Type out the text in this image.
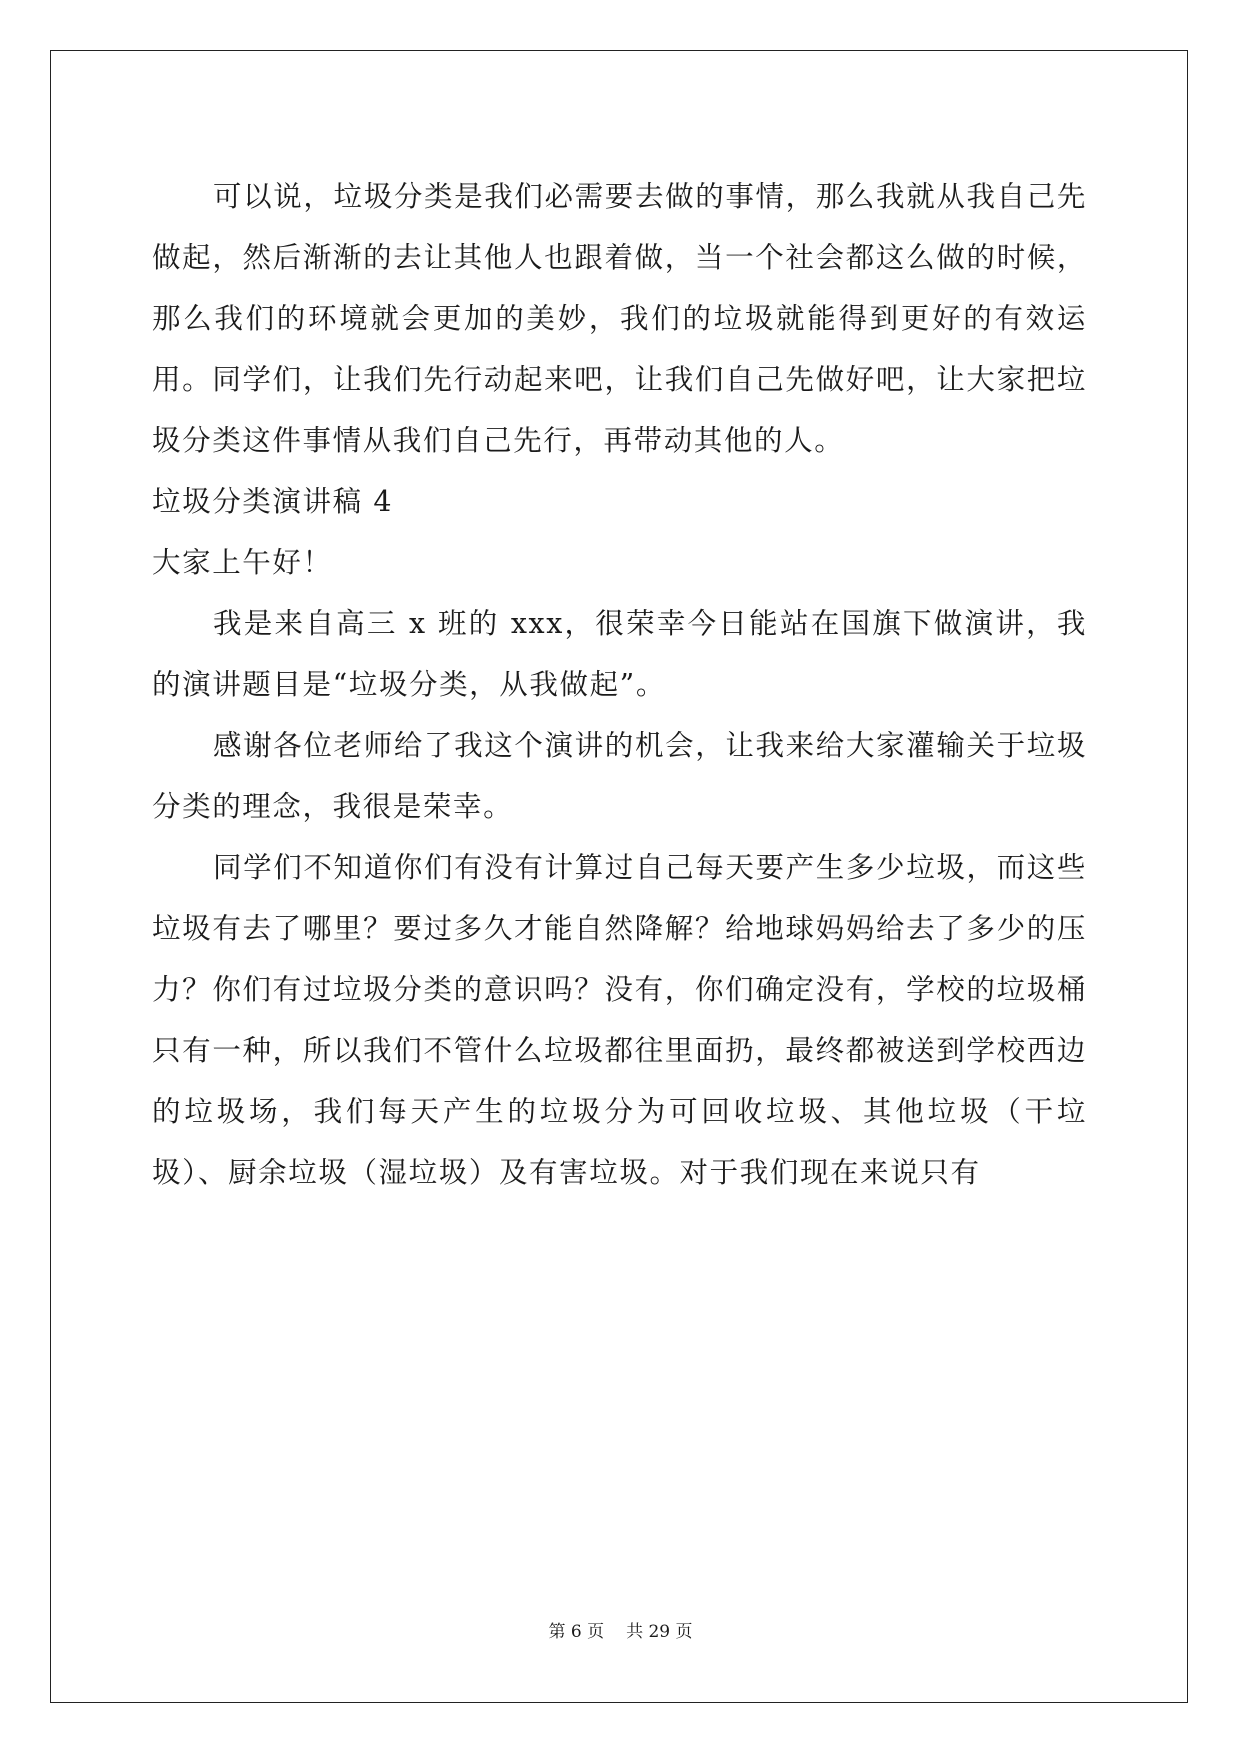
可以说，垃圾分类是我们必需要去做的事情，那么我就从我自己先做起，然后渐渐的去让其他人也跟着做，当一个社会都这么做的时候，那么我们的环境就会更加的美妙，我们的垃圾就能得到更好的有效运用。同学们，让我们先行动起来吧，让我们自己先做好吧，让大家把垃圾分类这件事情从我们自己先行，再带动其他的人。

垃圾分类演讲稿 4

大家上午好！

我是来自高三 x 班的 xxx，很荣幸今日能站在国旗下做演讲，我的演讲题目是“垃圾分类，从我做起”。

感谢各位老师给了我这个演讲的机会，让我来给大家灌输关于垃圾分类的理念，我很是荣幸。

同学们不知道你们有没有计算过自己每天要产生多少垃圾，而这些垃圾有去了哪里？要过多久才能自然降解？给地球妈妈给去了多少的压力？你们有过垃圾分类的意识吗？没有，你们确定没有，学校的垃圾桶只有一种，所以我们不管什么垃圾都往里面扔，最终都被送到学校西边的垃圾场，我们每天产生的垃圾分为可回收垃圾、其他垃圾（干垃圾）、厨余垃圾（湿垃圾）及有害垃圾。对于我们现在来说只有

第 6 页 共 29 页
